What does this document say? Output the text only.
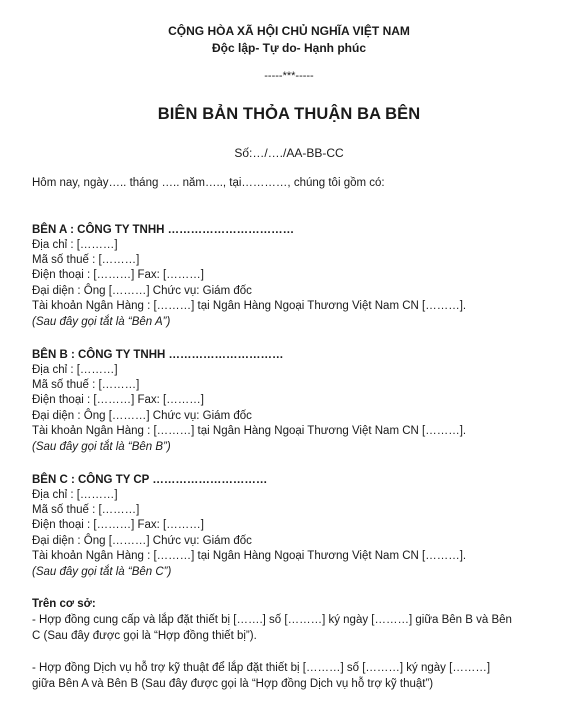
CỘNG HÒA XÃ HỘI CHỦ NGHĨA VIỆT NAM
Độc lập- Tự do- Hạnh phúc
-----***-----
BIÊN BẢN THỎA THUẬN BA BÊN
Số:…/…./AA-BB-CC
Hôm nay, ngày….. tháng ….. năm….., tại…………, chúng tôi gồm có:
BÊN A : CÔNG TY TNHH ……………………………
Địa chỉ : [………]
Mã số thuế : [………]
Điện thoại : [………] Fax: [………]
Đại diện : Ông [………] Chức vụ: Giám đốc
Tài khoản Ngân Hàng : [………] tại Ngân Hàng Ngoại Thương Việt Nam CN [………].
(Sau đây gọi tắt là “Bên A”)
BÊN B : CÔNG TY TNHH …………………………
Địa chỉ : [………]
Mã số thuế : [………]
Điện thoại : [………] Fax: [………]
Đại diện : Ông [………] Chức vụ: Giám đốc
Tài khoản Ngân Hàng : [………] tại Ngân Hàng Ngoại Thương Việt Nam CN [………].
(Sau đây gọi tắt là “Bên B”)
BÊN C : CÔNG TY CP …………………………
Địa chỉ : [………]
Mã số thuế : [………]
Điện thoại : [………] Fax: [………]
Đại diện : Ông [………] Chức vụ: Giám đốc
Tài khoản Ngân Hàng : [………] tại Ngân Hàng Ngoại Thương Việt Nam CN [………].
(Sau đây gọi tắt là “Bên C”)
Trên cơ sở:
- Hợp đồng cung cấp và lắp đặt thiết bị […….] số [………] ký ngày [………] giữa Bên B và Bên
C (Sau đây được gọi là “Hợp đồng thiết bị”).
- Hợp đồng Dịch vụ hỗ trợ kỹ thuật để lắp đặt thiết bị [………] số [………] ký ngày [………]
giữa Bên A và Bên B (Sau đây được gọi là “Hợp đồng Dịch vụ hỗ trợ kỹ thuật”)
